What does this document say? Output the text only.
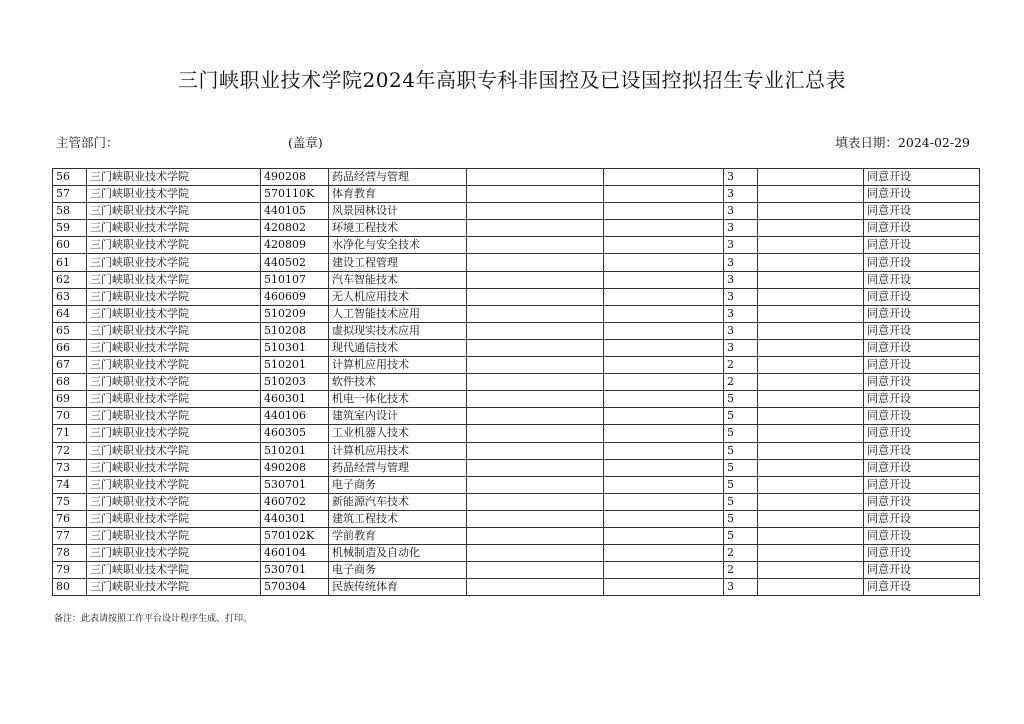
三门峡职业技术学院2024年高职专科非国控及已设国控拟招生专业汇总表
主管部门：	(盖章)	填表日期：2024-02-29
56	三门峡职业技术学院	490208	药品经营与管理			3		同意开设
57	三门峡职业技术学院	570110K	体育教育			3		同意开设
58	三门峡职业技术学院	440105	风景园林设计			3		同意开设
59	三门峡职业技术学院	420802	环境工程技术			3		同意开设
60	三门峡职业技术学院	420809	水净化与安全技术			3		同意开设
61	三门峡职业技术学院	440502	建设工程管理			3		同意开设
62	三门峡职业技术学院	510107	汽车智能技术			3		同意开设
63	三门峡职业技术学院	460609	无人机应用技术			3		同意开设
64	三门峡职业技术学院	510209	人工智能技术应用			3		同意开设
65	三门峡职业技术学院	510208	虚拟现实技术应用			3		同意开设
66	三门峡职业技术学院	510301	现代通信技术			3		同意开设
67	三门峡职业技术学院	510201	计算机应用技术			2		同意开设
68	三门峡职业技术学院	510203	软件技术			2		同意开设
69	三门峡职业技术学院	460301	机电一体化技术			5		同意开设
70	三门峡职业技术学院	440106	建筑室内设计			5		同意开设
71	三门峡职业技术学院	460305	工业机器人技术			5		同意开设
72	三门峡职业技术学院	510201	计算机应用技术			5		同意开设
73	三门峡职业技术学院	490208	药品经营与管理			5		同意开设
74	三门峡职业技术学院	530701	电子商务			5		同意开设
75	三门峡职业技术学院	460702	新能源汽车技术			5		同意开设
76	三门峡职业技术学院	440301	建筑工程技术			5		同意开设
77	三门峡职业技术学院	570102K	学前教育			5		同意开设
78	三门峡职业技术学院	460104	机械制造及自动化			2		同意开设
79	三门峡职业技术学院	530701	电子商务			2		同意开设
80	三门峡职业技术学院	570304	民族传统体育			3		同意开设
备注：此表请按照工作平台设计程序生成、打印。
